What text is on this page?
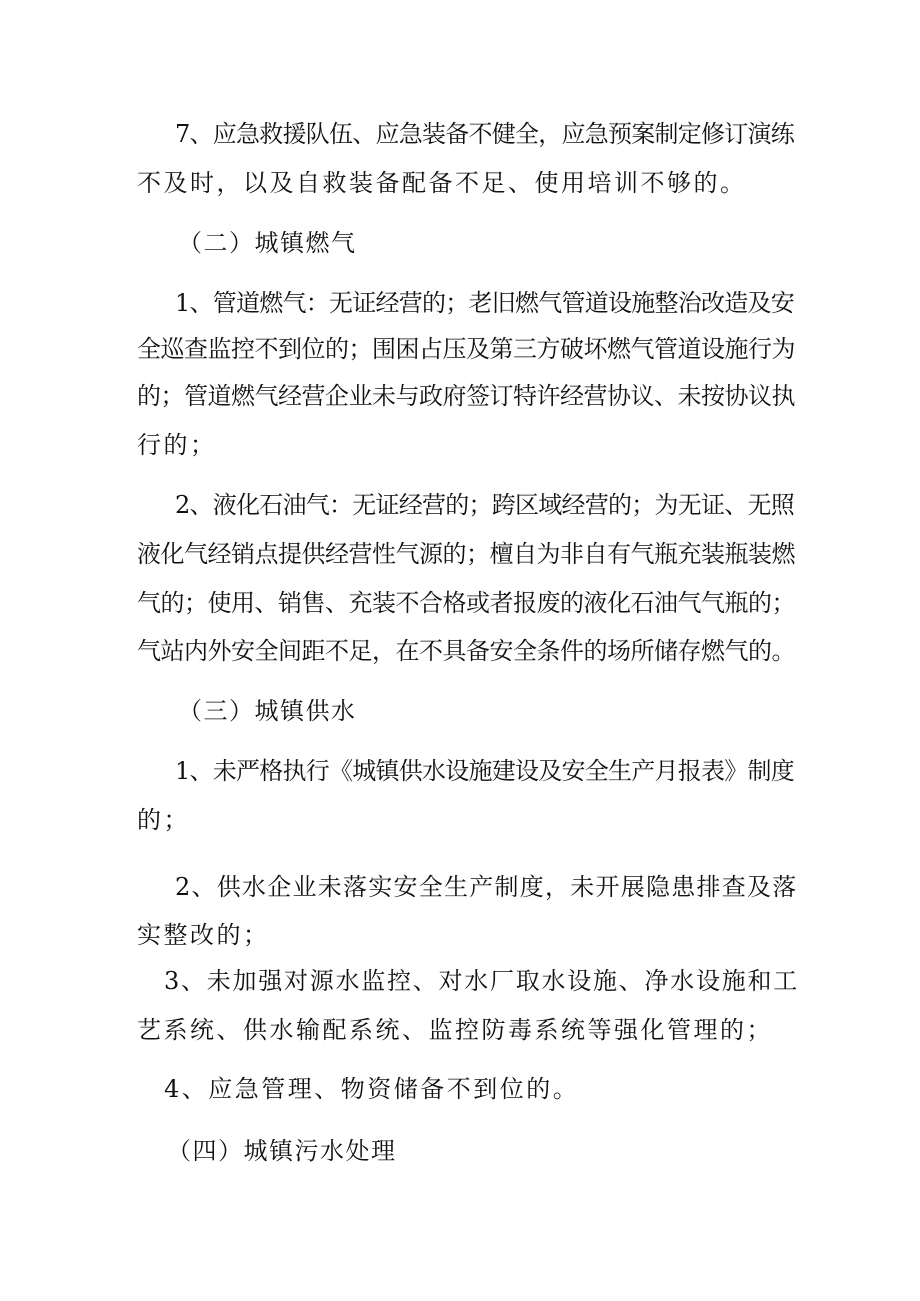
7、应急救援队伍、应急装备不健全，应急预案制定修订演练

不及时，以及自救装备配备不足、使用培训不够的。

（二）城镇燃气

1、管道燃气：无证经营的；老旧燃气管道设施整治改造及安

全巡查监控不到位的；围困占压及第三方破坏燃气管道设施行为

的；管道燃气经营企业未与政府签订特许经营协议、未按协议执

行的；

2、液化石油气：无证经营的；跨区域经营的；为无证、无照

液化气经销点提供经营性气源的；檀自为非自有气瓶充装瓶装燃

气的；使用、销售、充装不合格或者报废的液化石油气气瓶的；

气站内外安全间距不足，在不具备安全条件的场所储存燃气的。

（三）城镇供水

1、未严格执行《城镇供水设施建设及安全生产月报表》制度

的；

2、供水企业未落实安全生产制度，未开展隐患排查及落

实整改的；

3、未加强对源水监控、对水厂取水设施、净水设施和工

艺系统、供水输配系统、监控防毒系统等强化管理的；

4、应急管理、物资储备不到位的。

（四）城镇污水处理
